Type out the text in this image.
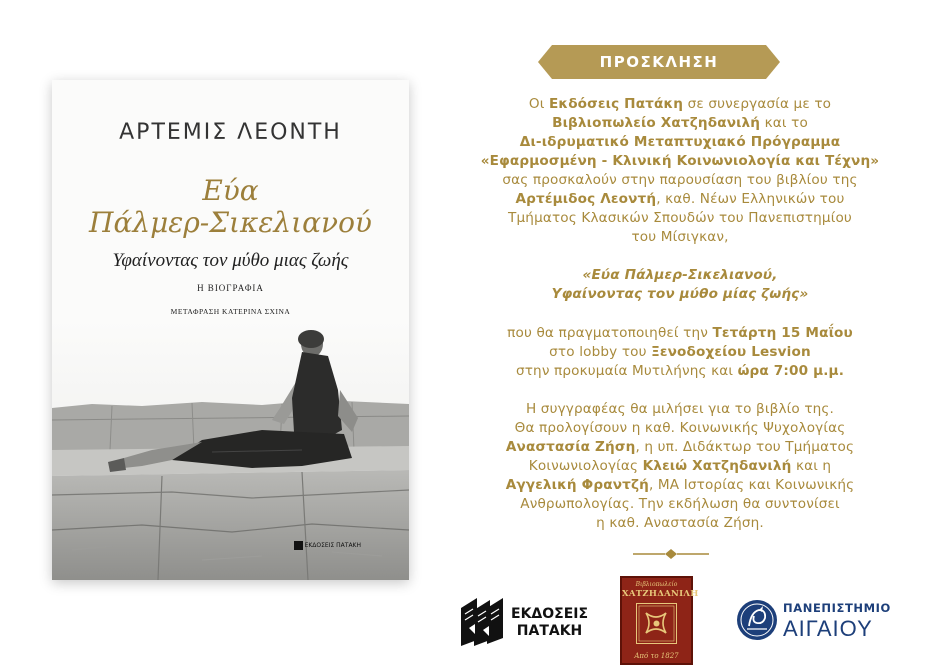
ΑΡΤΕΜΙΣ ΛΕΟΝΤΗ
Εύα
Πάλμερ-Σικελιανού
Υφαίνοντας τον μύθο μιας ζωής
Η ΒΙΟΓΡΑΦΙΑ
ΜΕΤΑΦΡΑΣΗ ΚΑΤΕΡΙΝΑ ΣΧΙΝΑ
ΕΚΔΟΣΕΙΣ ΠΑΤΑΚΗ
ΠΡΟΣΚΛΗΣΗ
Οι Εκδόσεις Πατάκη σε συνεργασία με το
Βιβλιοπωλείο Χατζηδανιλή και το
Δι-ιδρυματικό Μεταπτυχιακό Πρόγραμμα
«Εφαρμοσμένη - Κλινική Κοινωνιολογία και Τέχνη»
σας προσκαλούν στην παρουσίαση του βιβλίου της
Αρτέμιδος Λεοντή, καθ. Νέων Ελληνικών του
Τμήματος Κλασικών Σπουδών του Πανεπιστημίου
του Μίσιγκαν,
«Εύα Πάλμερ-Σικελιανού,
Υφαίνοντας τον μύθο μίας ζωής»
που θα πραγματοποιηθεί την Τετάρτη 15 Μαΐου
στο lobby του Ξενοδοχείου Lesvion
στην προκυμαία Μυτιλήνης και ώρα 7:00 μ.μ.
Η συγγραφέας θα μιλήσει για το βιβλίο της.
Θα προλογίσουν η καθ. Κοινωνικής Ψυχολογίας
Αναστασία Ζήση, η υπ. Διδάκτωρ του Τμήματος
Κοινωνιολογίας Κλειώ Χατζηδανιλή και η
Αγγελική Φραντζή, ΜΑ Ιστορίας και Κοινωνικής
Ανθρωπολογίας. Την εκδήλωση θα συντονίσει
η καθ. Αναστασία Ζήση.
ΕΚΔΟΣΕΙΣ
ΠΑΤΑΚΗ
Βιβλιοπωλείο
ΧΑΤΖΗΔΑΝΙΛΗ
Από το 1827
ΠΑΝΕΠΙΣΤΗΜΙΟ
ΑΙΓΑΙΟΥ
